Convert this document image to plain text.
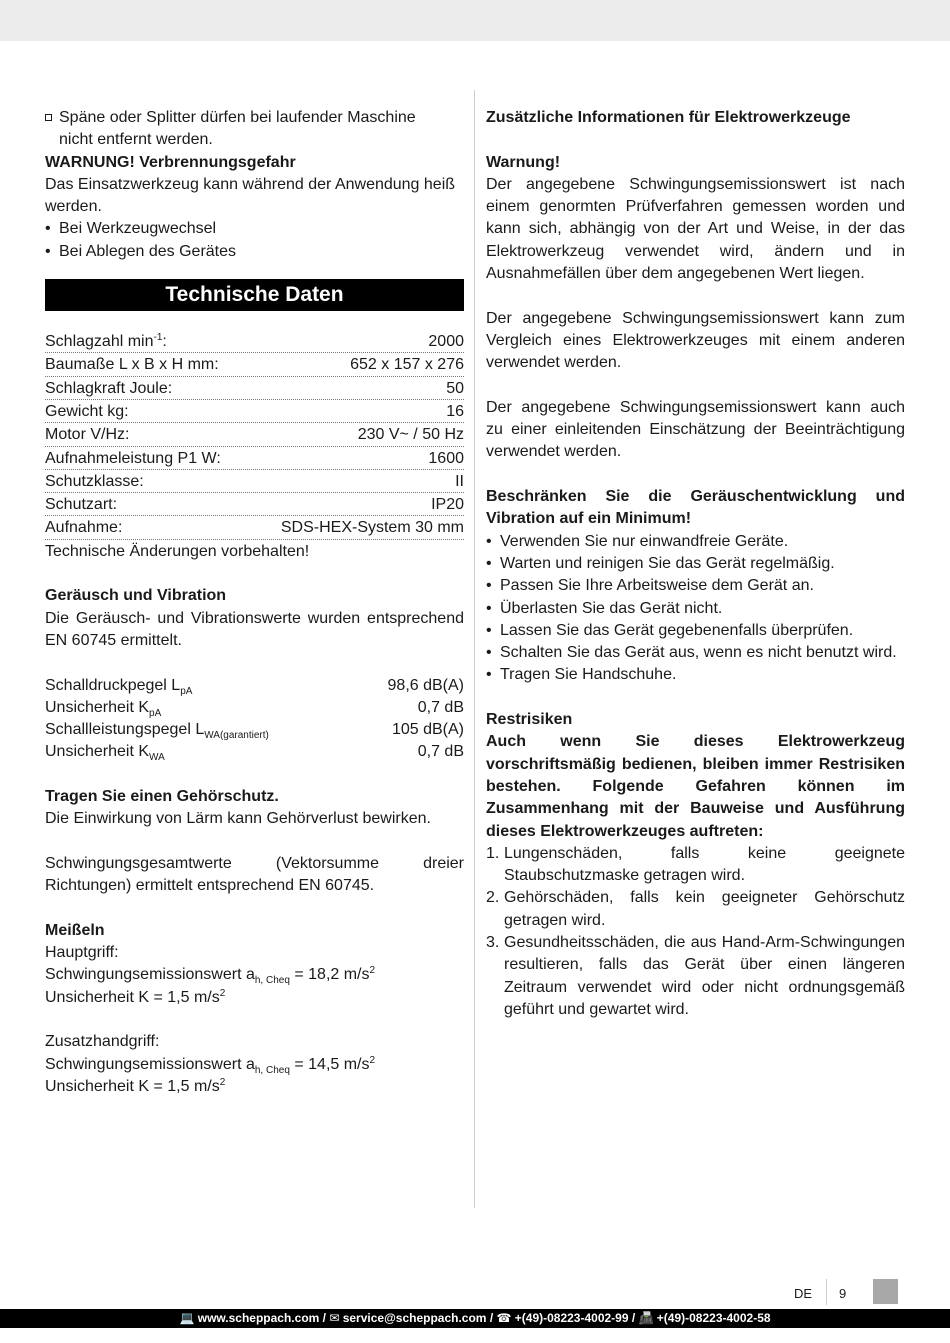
Späne oder Splitter dürfen bei laufender Maschine

nicht entfernt werden.

WARNUNG! Verbrennungsgefahr

Das Einsatzwerkzeug kann während der Anwendung heiß werden.

• Bei Werkzeugwechsel
• Bei Ablegen des Gerätes
Technische Daten
Schlagzahl $\min^{-1}$:	2000
Baumaße L x B x H mm:	652 x 157 x 276
Schlagkraft Joule:	50
Gewicht kg:	16
Motor V/Hz:	230 V~ / 50 Hz
Aufnahmeleistung P1 W:	1600
Schutzklasse:	II
Schutzart:	IP20
Aufnahme:	SDS-HEX-System 30 mm

Technische Änderungen vorbehalten!

Geräusch und Vibration

Die Geräusch- und Vibrationswerte wurden entsprechend EN 60745 ermittelt.

Schalldruckpegel $L_{pA}$	98,6 dB(A)
Unsicherheit $K_{pA}$	0,7 dB
Schallleistungspegel $L_{WA(garantiert)}$	105 dB(A)
Unsicherheit $K_{WA}$	0,7 dB

Tragen Sie einen Gehörschutz.

Die Einwirkung von Lärm kann Gehörverlust bewirken.

Schwingungsgesamtwerte (Vektorsumme dreier Richtungen) ermittelt entsprechend EN 60745.

Meißeln

Hauptgriff:

Schwingungsemissionswert $a_{h, Cheq} = 18,2$ $m/s^2$

Unsicherheit K = 1,5 $m/s^2$

Zusatzhandgriff:

Schwingungsemissionswert $a_{h, Cheq} = 14,5$ $m/s^2$

Unsicherheit K = 1,5 $m/s^2$

Zusätzliche Informationen für Elektrowerkzeuge

Warnung!

Der angegebene Schwingungsemissionswert ist nach einem genormten Prüfverfahren gemessen worden und kann sich, abhängig von der Art und Weise, in der das Elektrowerkzeug verwendet wird, ändern und in Ausnahmefällen über dem angegebenen Wert liegen.

Der angegebene Schwingungsemissionswert kann zum Vergleich eines Elektrowerkzeuges mit einem anderen verwendet werden.

Der angegebene Schwingungsemissionswert kann auch zu einer einleitenden Einschätzung der Beeinträchtigung verwendet werden.

Beschränken Sie die Geräuschentwicklung und Vibration auf ein Minimum!

• Verwenden Sie nur einwandfreie Geräte.
• Warten und reinigen Sie das Gerät regelmäßig.
• Passen Sie Ihre Arbeitsweise dem Gerät an.
• Überlasten Sie das Gerät nicht.
• Lassen Sie das Gerät gegebenenfalls überprüfen.
• Schalten Sie das Gerät aus, wenn es nicht benutzt wird.
• Tragen Sie Handschuhe.

Restrisiken

Auch wenn Sie dieses Elektrowerkzeug vorschriftsmäßig bedienen, bleiben immer Restrisiken bestehen. Folgende Gefahren können im Zusammenhang mit der Bauweise und Ausführung dieses Elektrowerkzeuges auftreten:

1. Lungenschäden, falls keine geeignete Staubschutzmaske getragen wird.
2. Gehörschäden, falls kein geeigneter Gehörschutz getragen wird.
3. Gesundheitsschäden, die aus Hand-Arm-Schwingungen resultieren, falls das Gerät über einen längeren Zeitraum verwendet wird oder nicht ordnungsgemäß geführt und gewartet wird.
DE 9
💻 www.scheppach.com / ✉ service@scheppach.com / ☎ +(49)-08223-4002-99 / 📠 +(49)-08223-4002-58
